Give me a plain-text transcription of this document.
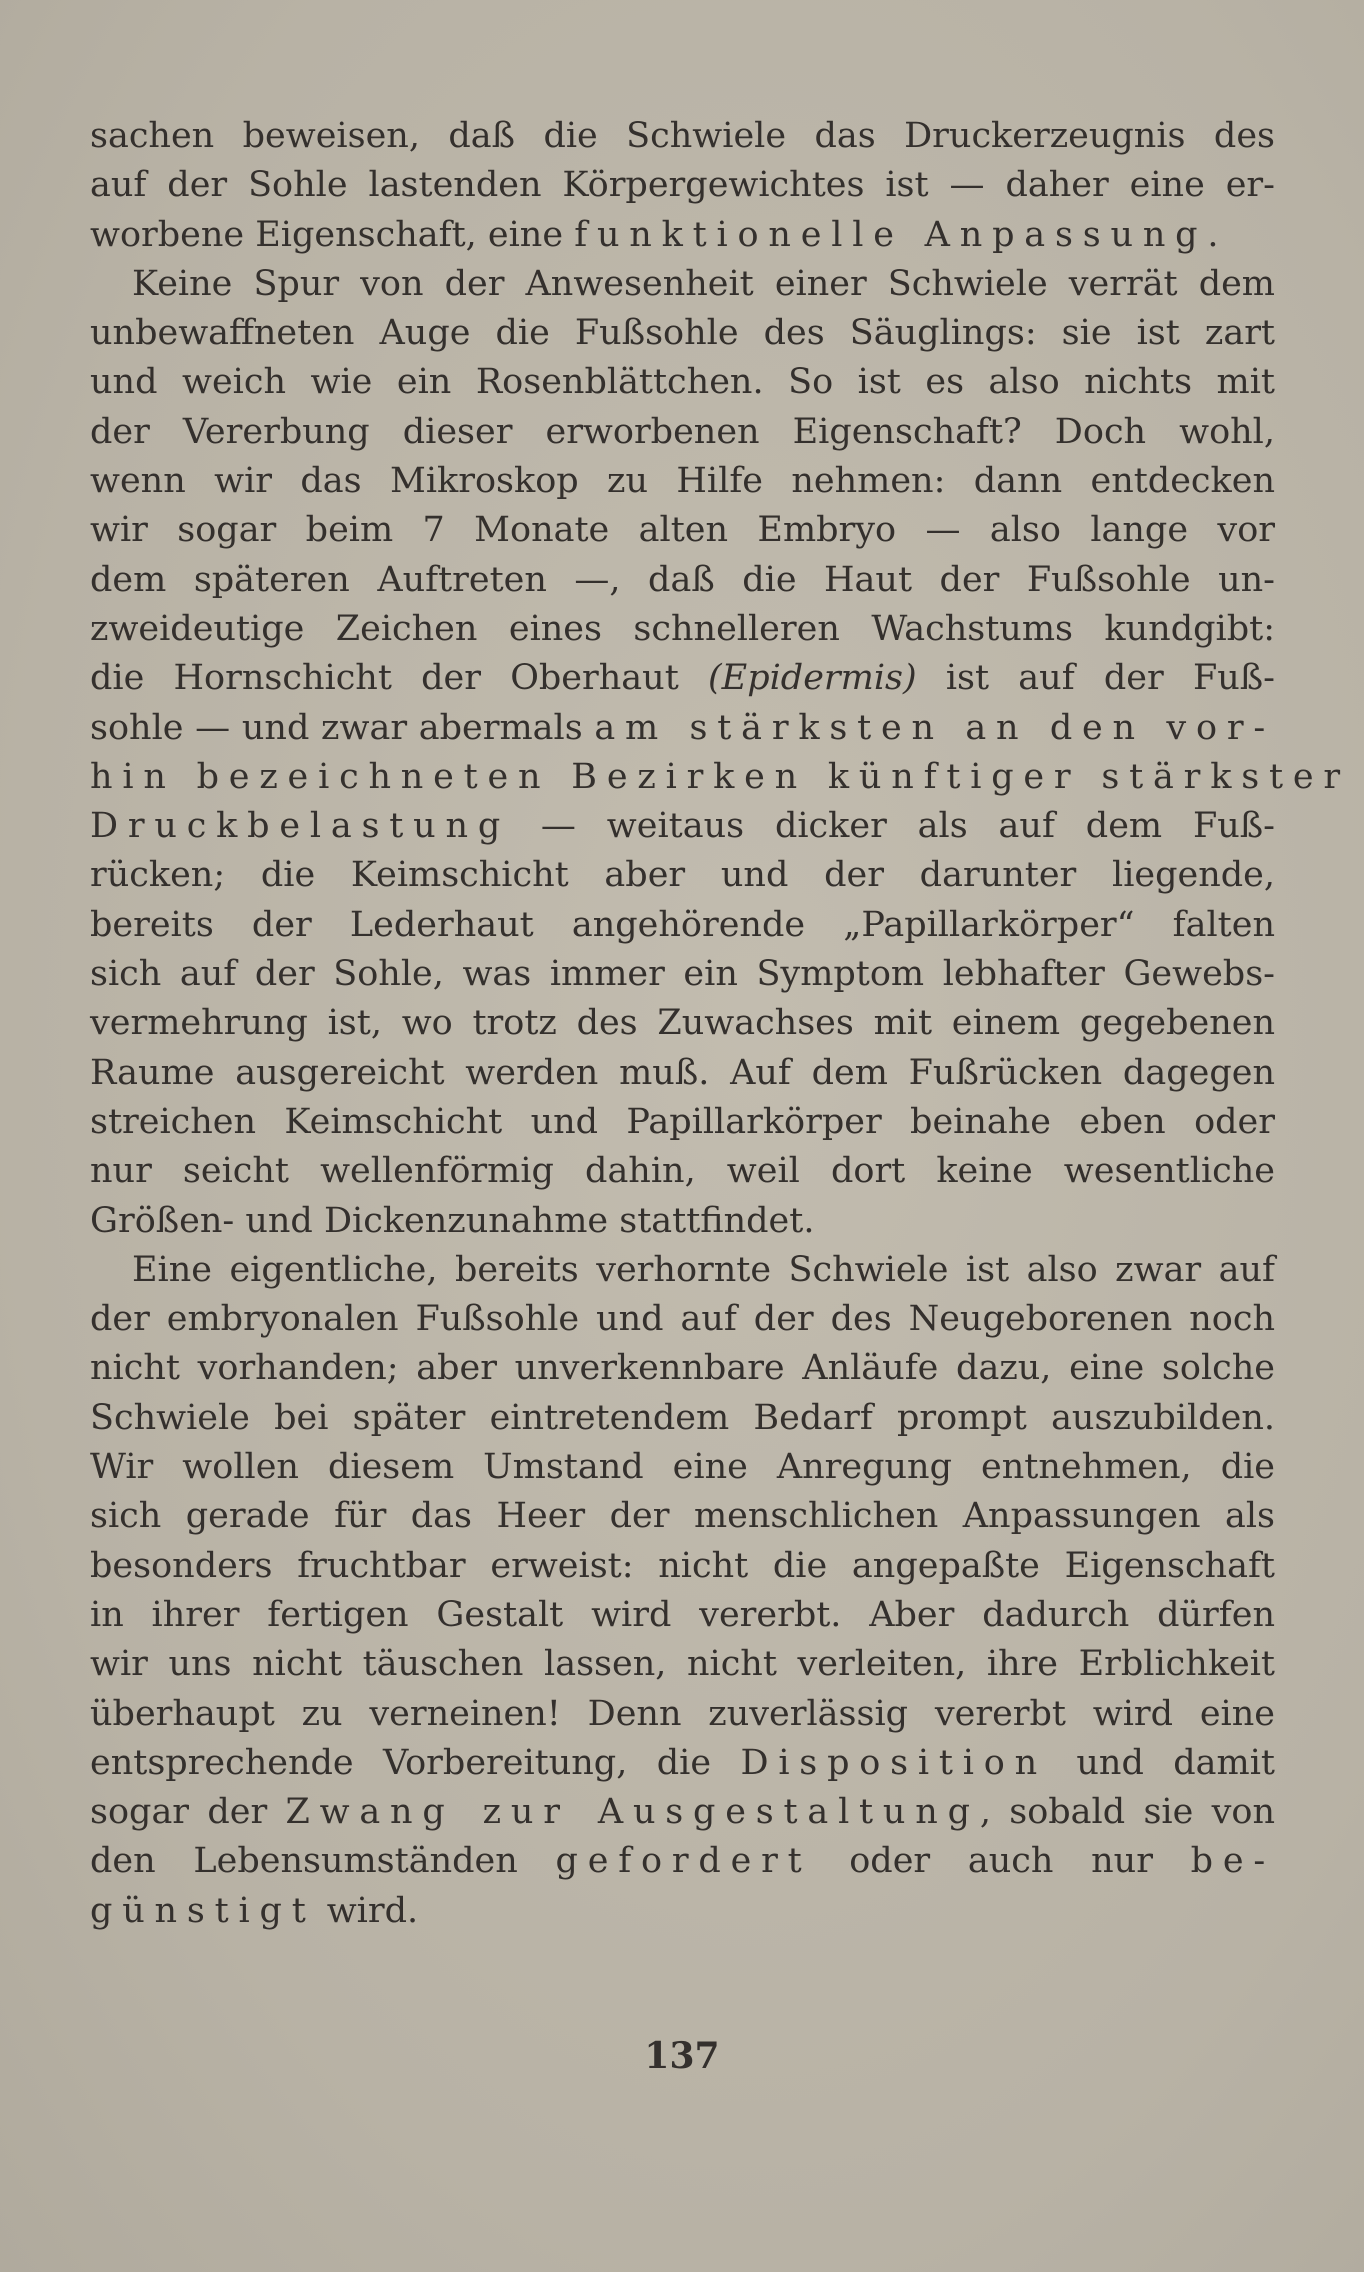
sachen beweisen, daß die Schwiele das Druckerzeugnis des
auf der Sohle lastenden Körpergewichtes ist — daher eine er-
worbene Eigenschaft, eine funktionelle Anpassung.
Keine Spur von der Anwesenheit einer Schwiele verrät dem
unbewaffneten Auge die Fußsohle des Säuglings: sie ist zart
und weich wie ein Rosenblättchen. So ist es also nichts mit
der Vererbung dieser erworbenen Eigenschaft? Doch wohl,
wenn wir das Mikroskop zu Hilfe nehmen: dann entdecken
wir sogar beim 7 Monate alten Embryo — also lange vor
dem späteren Auftreten —, daß die Haut der Fußsohle un-
zweideutige Zeichen eines schnelleren Wachstums kundgibt:
die Hornschicht der Oberhaut (Epidermis) ist auf der Fuß-
sohle — und zwar abermals am stärksten an den vor-
hin bezeichneten Bezirken künftiger stärkster
Druckbelastung — weitaus dicker als auf dem Fuß-
rücken; die Keimschicht aber und der darunter liegende,
bereits der Lederhaut angehörende „Papillarkörper“ falten
sich auf der Sohle, was immer ein Symptom lebhafter Gewebs-
vermehrung ist, wo trotz des Zuwachses mit einem gegebenen
Raume ausgereicht werden muß. Auf dem Fußrücken dagegen
streichen Keimschicht und Papillarkörper beinahe eben oder
nur seicht wellenförmig dahin, weil dort keine wesentliche
Größen- und Dickenzunahme stattfindet.
Eine eigentliche, bereits verhornte Schwiele ist also zwar auf
der embryonalen Fußsohle und auf der des Neugeborenen noch
nicht vorhanden; aber unverkennbare Anläufe dazu, eine solche
Schwiele bei später eintretendem Bedarf prompt auszubilden.
Wir wollen diesem Umstand eine Anregung entnehmen, die
sich gerade für das Heer der menschlichen Anpassungen als
besonders fruchtbar erweist: nicht die angepaßte Eigenschaft
in ihrer fertigen Gestalt wird vererbt. Aber dadurch dürfen
wir uns nicht täuschen lassen, nicht verleiten, ihre Erblichkeit
überhaupt zu verneinen! Denn zuverlässig vererbt wird eine
entsprechende Vorbereitung, die Disposition und damit
sogar der Zwang zur Ausgestaltung, sobald sie von
den Lebensumständen gefordert oder auch nur be-
günstigt wird.
137
